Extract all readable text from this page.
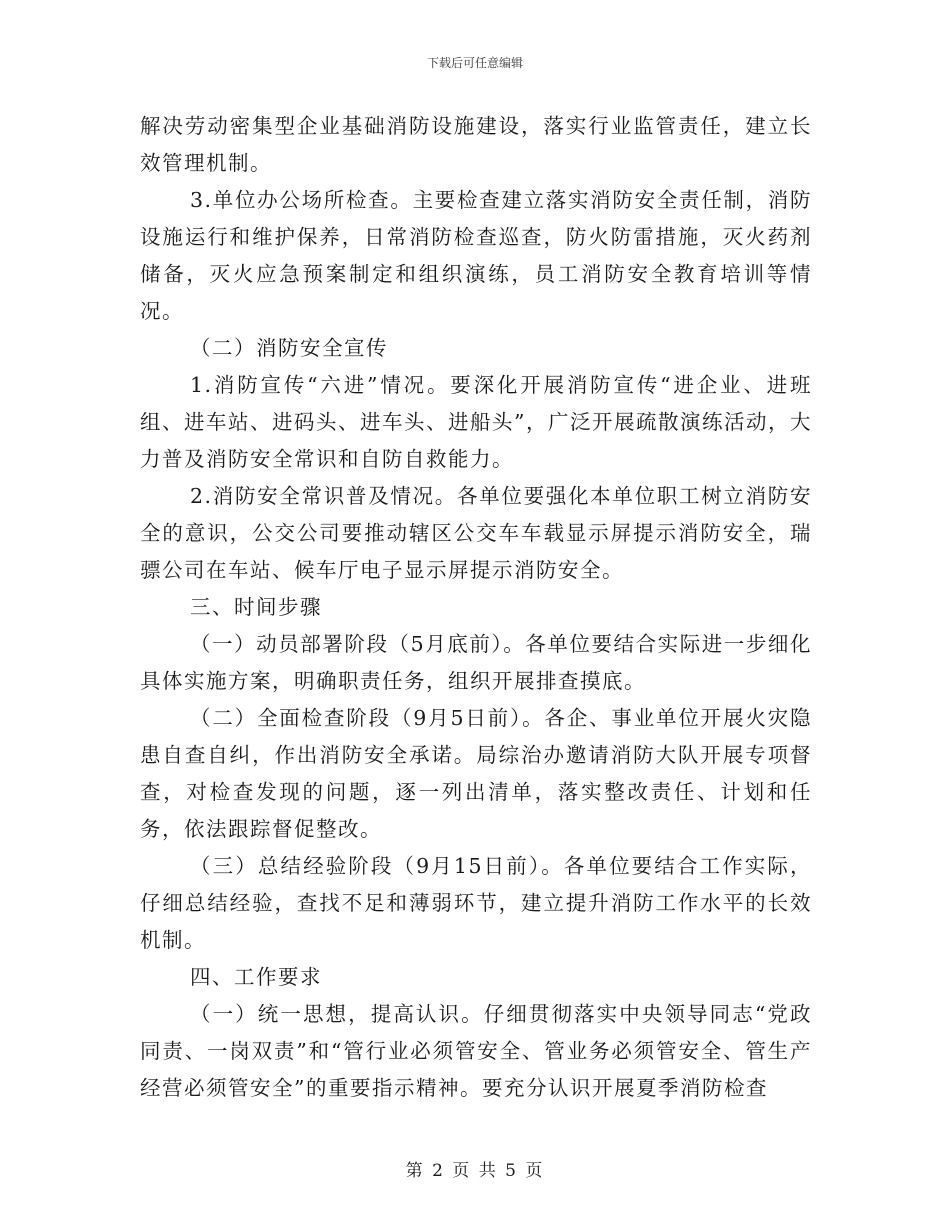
下载后可任意编辑

解决劳动密集型企业基础消防设施建设，落实行业监管责任，建立长效管理机制。

3.单位办公场所检查。主要检查建立落实消防安全责任制，消防设施运行和维护保养，日常消防检查巡查，防火防雷措施，灭火药剂储备，灭火应急预案制定和组织演练，员工消防安全教育培训等情况。

（二）消防安全宣传

1.消防宣传“六进”情况。要深化开展消防宣传“进企业、进班组、进车站、进码头、进车头、进船头”，广泛开展疏散演练活动，大力普及消防安全常识和自防自救能力。

2.消防安全常识普及情况。各单位要强化本单位职工树立消防安全的意识，公交公司要推动辖区公交车车载显示屏提示消防安全，瑞骠公司在车站、候车厅电子显示屏提示消防安全。

三、时间步骤

（一）动员部署阶段（5月底前）。各单位要结合实际进一步细化具体实施方案，明确职责任务，组织开展排查摸底。

（二）全面检查阶段（9月5日前）。各企、事业单位开展火灾隐患自查自纠，作出消防安全承诺。局综治办邀请消防大队开展专项督查，对检查发现的问题，逐一列出清单，落实整改责任、计划和任务，依法跟踪督促整改。

（三）总结经验阶段（9月15日前）。各单位要结合工作实际，仔细总结经验，查找不足和薄弱环节，建立提升消防工作水平的长效机制。

四、工作要求

（一）统一思想，提高认识。仔细贯彻落实中央领导同志“党政同责、一岗双责”和“管行业必须管安全、管业务必须管安全、管生产经营必须管安全”的重要指示精神。要充分认识开展夏季消防检查

第 2 页 共 5 页
